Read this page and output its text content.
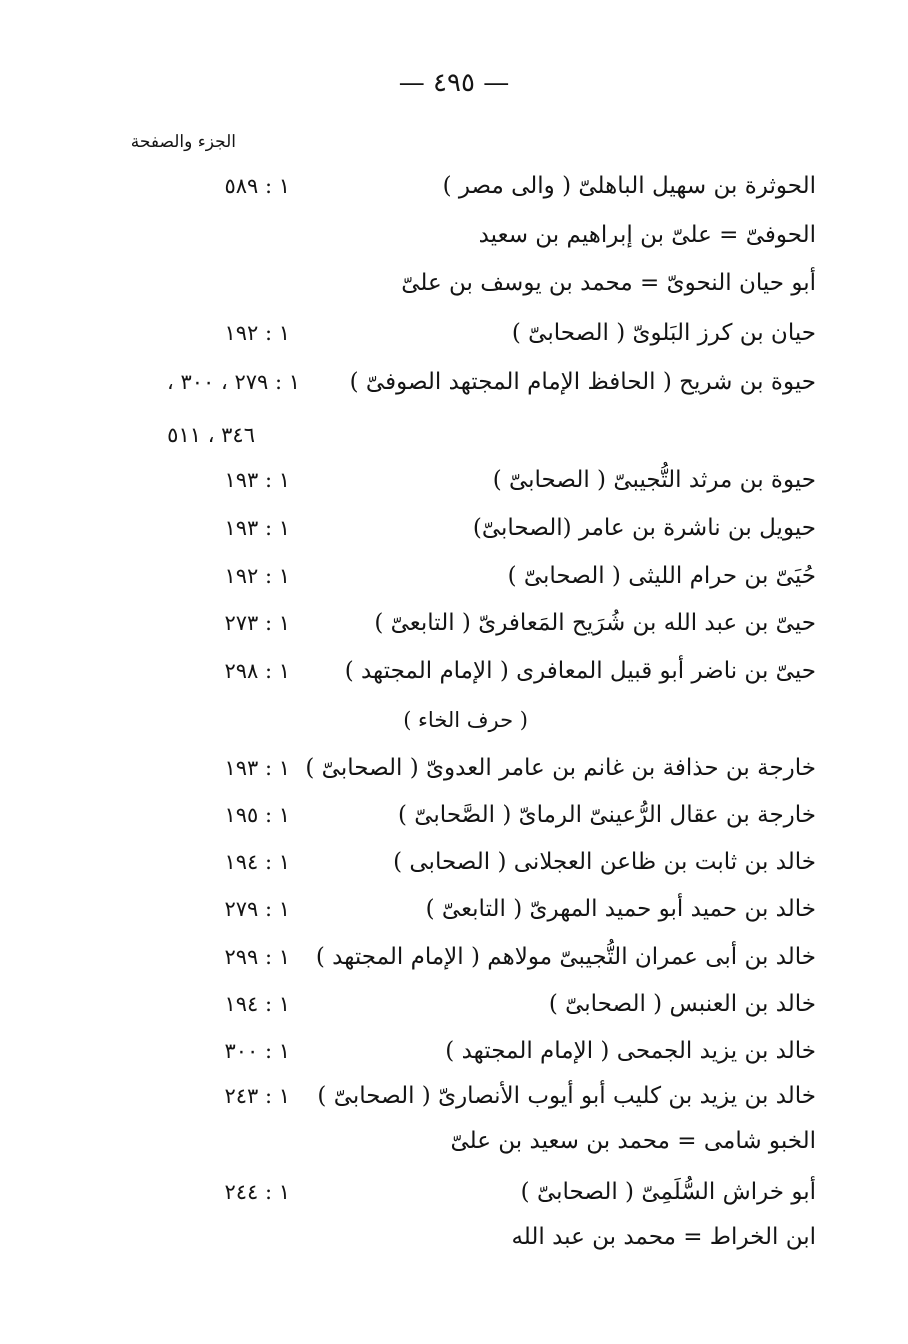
— ٤٩٥ —
الجزء والصفحة
الحوثرة بن سهيل الباهلىّ ( والى مصر )
١ : ٥٨٩
الحوفىّ = علىّ بن إبراهيم بن سعيد
أبو حيان النحوىّ = محمد بن يوسف بن علىّ
حيان بن كرز البَلوىّ ( الصحابىّ )
١ : ١٩٢
حيوة بن شريح ( الحافظ الإمام المجتهد الصوفىّ )
١ : ٢٧٩ ، ٣٠٠ ،
٣٤٦ ، ٥١١
حيوة بن مرثد التُّجيبىّ ( الصحابىّ )
١ : ١٩٣
حيويل بن ناشرة بن عامر (الصحابىّ)
١ : ١٩٣
حُيَىّ بن حرام الليثى ( الصحابىّ )
١ : ١٩٢
حيىّ بن عبد الله بن شُرَيح المَعافرىّ ( التابعىّ )
١ : ٢٧٣
حيىّ بن ناضر أبو قبيل المعافرى ( الإمام المجتهد )
١ : ٢٩٨
( حرف الخاء )
خارجة بن حذافة بن غانم بن عامر العدوىّ ( الصحابىّ )
١ : ١٩٣
خارجة بن عقال الرُّعينىّ الرماىّ ( الصَّحابىّ )
١ : ١٩٥
خالد بن ثابت بن ظاعن العجلانى ( الصحابى )
١ : ١٩٤
خالد بن حميد أبو حميد المهرىّ ( التابعىّ )
١ : ٢٧٩
خالد بن أبى عمران التُّجيبىّ مولاهم ( الإمام المجتهد )
١ : ٢٩٩
خالد بن العنبس ( الصحابىّ )
١ : ١٩٤
خالد بن يزيد الجمحى ( الإمام المجتهد )
١ : ٣٠٠
خالد بن يزيد بن كليب أبو أيوب الأنصارىّ ( الصحابىّ )
١ : ٢٤٣
الخبو شامى = محمد بن سعيد بن علىّ
أبو خراش السُّلَمِىّ ( الصحابىّ )
١ : ٢٤٤
ابن الخراط = محمد بن عبد الله
